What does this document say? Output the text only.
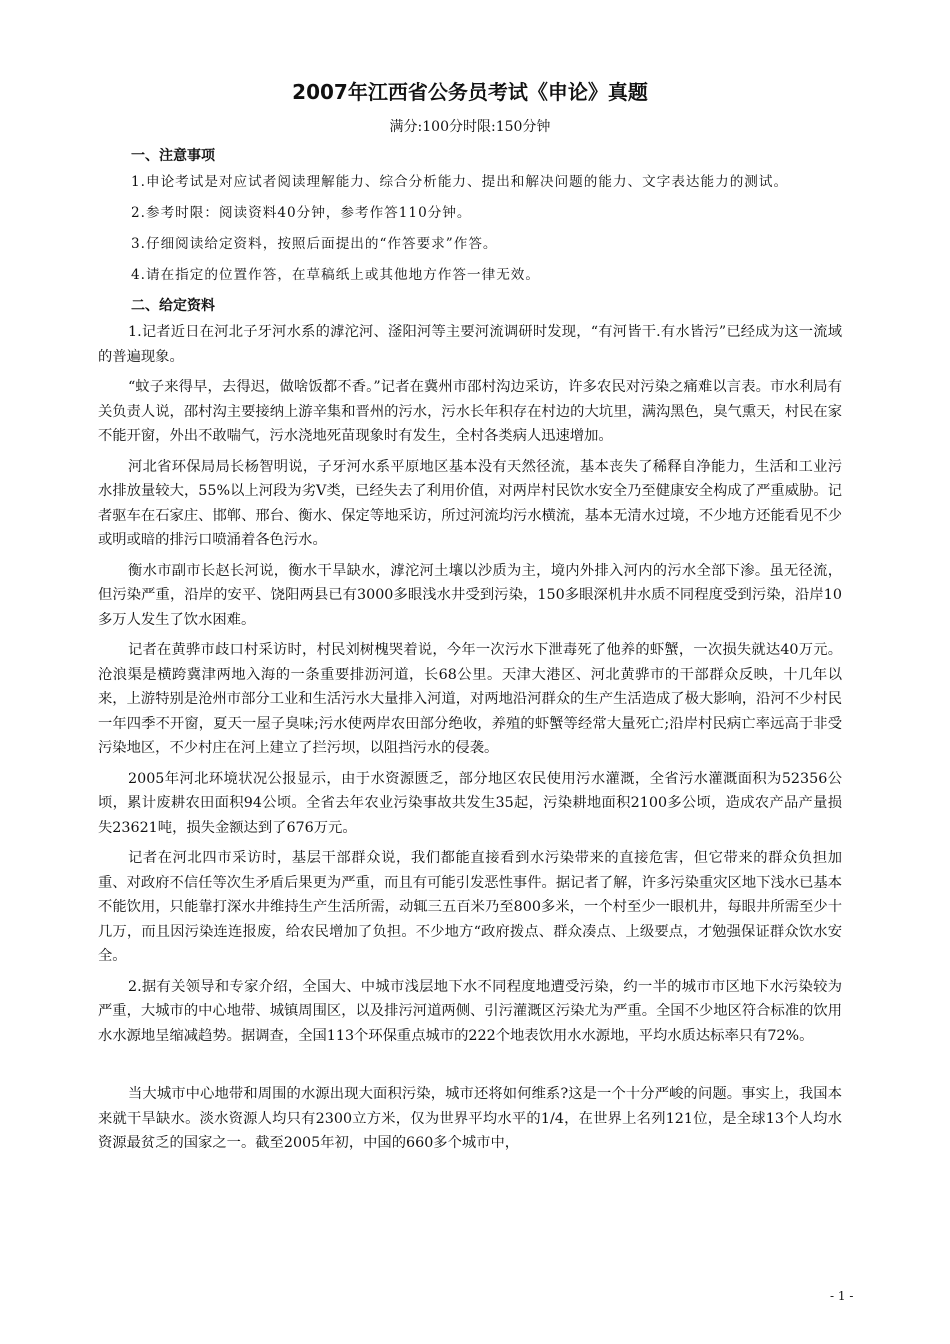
2007年江西省公务员考试《申论》真题
满分:100分时限:150分钟
一、注意事项

1.申论考试是对应试者阅读理解能力、综合分析能力、提出和解决问题的能力、文字表达能力的测试。

2.参考时限：阅读资料40分钟，参考作答110分钟。

3.仔细阅读给定资料，按照后面提出的“作答要求”作答。

4.请在指定的位置作答，在草稿纸上或其他地方作答一律无效。

二、给定资料

1.记者近日在河北子牙河水系的滹沱河、滏阳河等主要河流调研时发现，“有河皆干.有水皆污”已经成为这一流域的普遍现象。

“蚊子来得早，去得迟，做啥饭都不香。”记者在冀州市邵村沟边采访，许多农民对污染之痛难以言表。市水利局有关负责人说，邵村沟主要接纳上游辛集和晋州的污水，污水长年积存在村边的大坑里，满沟黑色，臭气熏天，村民在家不能开窗，外出不敢喘气，污水浇地死苗现象时有发生，全村各类病人迅速增加。

河北省环保局局长杨智明说，子牙河水系平原地区基本没有天然径流，基本丧失了稀释自净能力，生活和工业污水排放量较大，55%以上河段为劣Ⅴ类，已经失去了利用价值，对两岸村民饮水安全乃至健康安全构成了严重威胁。记者驱车在石家庄、邯郸、邢台、衡水、保定等地采访，所过河流均污水横流，基本无清水过境，不少地方还能看见不少或明或暗的排污口喷涌着各色污水。

衡水市副市长赵长河说，衡水干旱缺水，滹沱河土壤以沙质为主，境内外排入河内的污水全部下渗。虽无径流，但污染严重，沿岸的安平、饶阳两县已有3000多眼浅水井受到污染，150多眼深机井水质不同程度受到污染，沿岸10多万人发生了饮水困难。

记者在黄骅市歧口村采访时，村民刘树槐哭着说，今年一次污水下泄毒死了他养的虾蟹，一次损失就达40万元。沧浪渠是横跨冀津两地入海的一条重要排沥河道，长68公里。天津大港区、河北黄骅市的干部群众反映，十几年以来，上游特别是沧州市部分工业和生活污水大量排入河道，对两地沿河群众的生产生活造成了极大影响，沿河不少村民一年四季不开窗，夏天一屋子臭味;污水使两岸农田部分绝收，养殖的虾蟹等经常大量死亡;沿岸村民病亡率远高于非受污染地区，不少村庄在河上建立了拦污坝，以阻挡污水的侵袭。

2005年河北环境状况公报显示，由于水资源匮乏，部分地区农民使用污水灌溉，全省污水灌溉面积为52356公顷，累计废耕农田面积94公顷。全省去年农业污染事故共发生35起，污染耕地面积2100多公顷，造成农产品产量损失23621吨，损失金额达到了676万元。

记者在河北四市采访时，基层干部群众说，我们都能直接看到水污染带来的直接危害，但它带来的群众负担加重、对政府不信任等次生矛盾后果更为严重，而且有可能引发恶性事件。据记者了解，许多污染重灾区地下浅水已基本不能饮用，只能靠打深水井维持生产生活所需，动辄三五百米乃至800多米，一个村至少一眼机井，每眼井所需至少十几万，而且因污染连连报废，给农民增加了负担。不少地方“政府拨点、群众凑点、上级要点，才勉强保证群众饮水安全。

2.据有关领导和专家介绍，全国大、中城市浅层地下水不同程度地遭受污染，约一半的城市市区地下水污染较为严重，大城市的中心地带、城镇周围区，以及排污河道两侧、引污灌溉区污染尤为严重。全国不少地区符合标准的饮用水水源地呈缩减趋势。据调查，全国113个环保重点城市的222个地表饮用水水源地，平均水质达标率只有72%。

当大城市中心地带和周围的水源出现大面积污染，城市还将如何维系?这是一个十分严峻的问题。事实上，我国本来就干旱缺水。淡水资源人均只有2300立方米，仅为世界平均水平的1/4，在世界上名列121位，是全球13个人均水资源最贫乏的国家之一。截至2005年初，中国的660多个城市中，

- 1 -
